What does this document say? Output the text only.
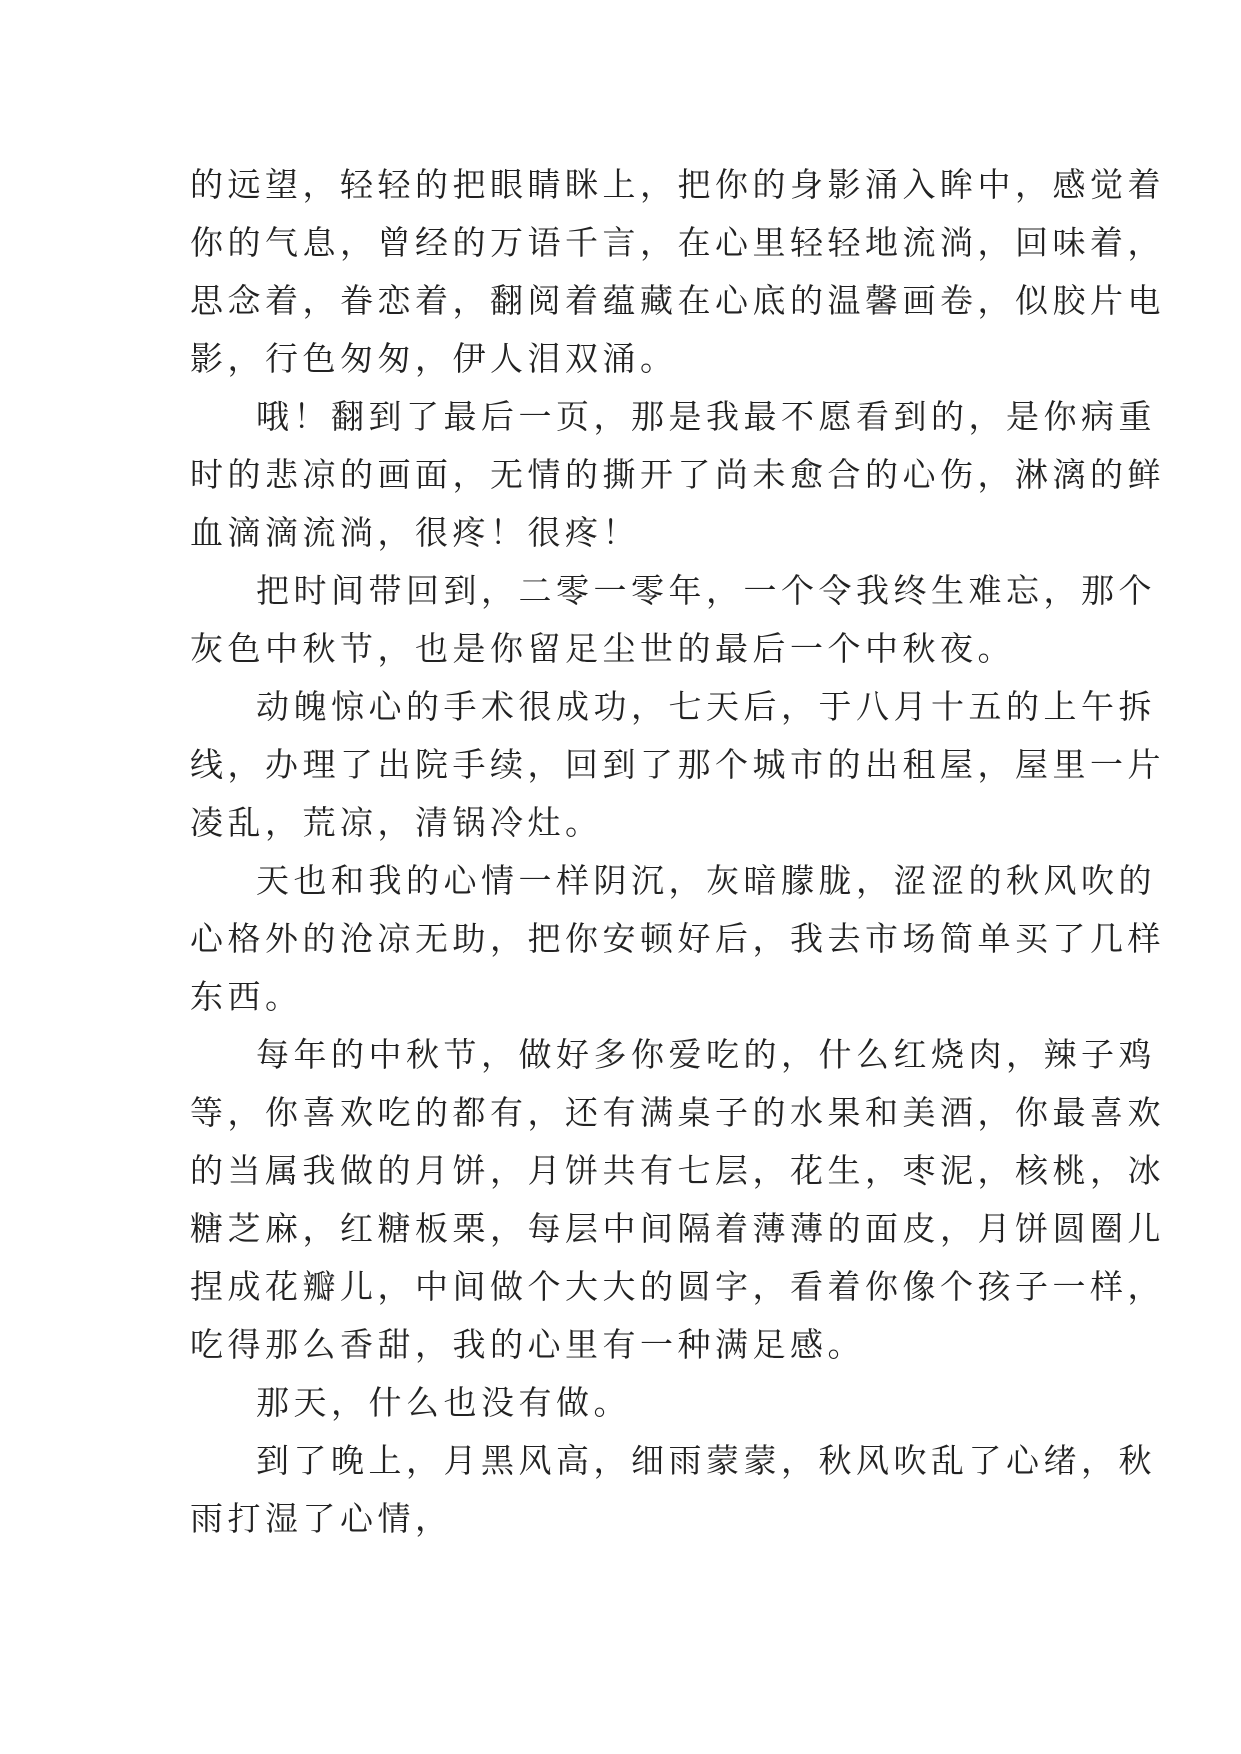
的远望，轻轻的把眼睛眯上，把你的身影涌入眸中，感觉着
你的气息，曾经的万语千言，在心里轻轻地流淌，回味着，
思念着，眷恋着，翻阅着蕴藏在心底的温馨画卷，似胶片电
影，行色匆匆，伊人泪双涌。
哦！翻到了最后一页，那是我最不愿看到的，是你病重
时的悲凉的画面，无情的撕开了尚未愈合的心伤，淋漓的鲜
血滴滴流淌，很疼！很疼！
把时间带回到，二零一零年，一个令我终生难忘，那个
灰色中秋节，也是你留足尘世的最后一个中秋夜。
动魄惊心的手术很成功，七天后，于八月十五的上午拆
线，办理了出院手续，回到了那个城市的出租屋，屋里一片
凌乱，荒凉，清锅冷灶。
天也和我的心情一样阴沉，灰暗朦胧，涩涩的秋风吹的
心格外的沧凉无助，把你安顿好后，我去市场简单买了几样
东西。
每年的中秋节，做好多你爱吃的，什么红烧肉，辣子鸡
等，你喜欢吃的都有，还有满桌子的水果和美酒，你最喜欢
的当属我做的月饼，月饼共有七层，花生，枣泥，核桃，冰
糖芝麻，红糖板栗，每层中间隔着薄薄的面皮，月饼圆圈儿
捏成花瓣儿，中间做个大大的圆字，看着你像个孩子一样，
吃得那么香甜，我的心里有一种满足感。
那天，什么也没有做。
到了晚上，月黑风高，细雨蒙蒙，秋风吹乱了心绪，秋
雨打湿了心情，
